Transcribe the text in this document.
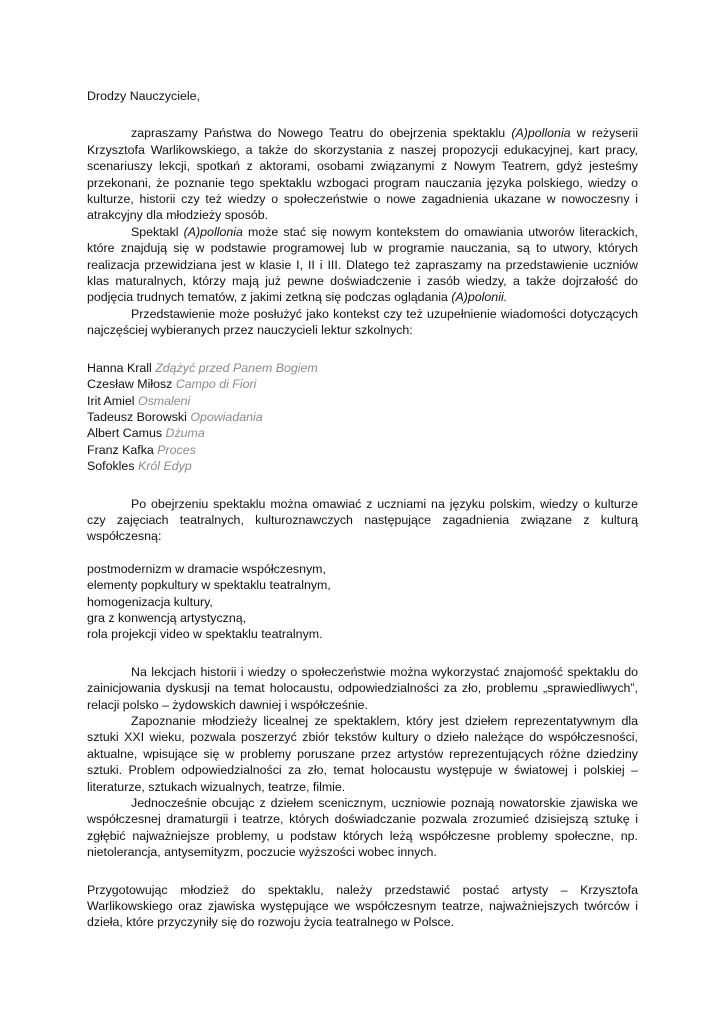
Drodzy Nauczyciele,

zapraszamy Państwa do Nowego Teatru do obejrzenia spektaklu (A)pollonia w reżyserii Krzysztofa Warlikowskiego, a także do skorzystania z naszej propozycji edukacyjnej, kart pracy, scenariuszy lekcji, spotkań z aktorami, osobami związanymi z Nowym Teatrem, gdyż jesteśmy przekonani, że poznanie tego spektaklu wzbogaci program nauczania języka polskiego, wiedzy o kulturze, historii czy też wiedzy o społeczeństwie o nowe zagadnienia ukazane w nowoczesny i atrakcyjny dla młodzieży sposób.

Spektakl (A)pollonia może stać się nowym kontekstem do omawiania utworów literackich, które znajdują się w podstawie programowej lub w programie nauczania, są to utwory, których realizacja przewidziana jest w klasie I, II i III. Dlatego też zapraszamy na przedstawienie uczniów klas maturalnych, którzy mają już pewne doświadczenie i zasób wiedzy, a także dojrzałość do podjęcia trudnych tematów, z jakimi zetkną się podczas oglądania (A)polonii.

Przedstawienie może posłużyć jako kontekst czy też uzupełnienie wiadomości dotyczących najczęściej wybieranych przez nauczycieli lektur szkolnych:

Hanna Krall Zdążyć przed Panem Bogiem
Czesław Miłosz Campo di Fiori
Irit Amiel Osmaleni
Tadeusz Borowski Opowiadania
Albert Camus Dżuma
Franz Kafka Proces
Sofokles Król Edyp

Po obejrzeniu spektaklu można omawiać z uczniami na języku polskim, wiedzy o kulturze czy zajęciach teatralnych, kulturoznawczych następujące zagadnienia związane z kulturą współczesną:

postmodernizm w dramacie współczesnym,
elementy popkultury w spektaklu teatralnym,
homogenizacja kultury,
gra z konwencją artystyczną,
rola projekcji video w spektaklu teatralnym.

Na lekcjach historii i wiedzy o społeczeństwie można wykorzystać znajomość spektaklu do zainicjowania dyskusji na temat holocaustu, odpowiedzialności za zło, problemu „sprawiedliwych”, relacji polsko – żydowskich dawniej i współcześnie.

Zapoznanie młodzieży licealnej ze spektaklem, który jest dziełem reprezentatywnym dla sztuki XXI wieku, pozwala poszerzyć zbiór tekstów kultury o dzieło należące do współczesności, aktualne, wpisujące się w problemy poruszane przez artystów reprezentujących różne dziedziny sztuki. Problem odpowiedzialności za zło, temat holocaustu występuje w światowej i polskiej – literaturze, sztukach wizualnych, teatrze, filmie.

Jednocześnie obcując z dziełem scenicznym, uczniowie poznają nowatorskie zjawiska we współczesnej dramaturgii i teatrze, których doświadczanie pozwala zrozumieć dzisiejszą sztukę i zgłębić najważniejsze problemy, u podstaw których leżą współczesne problemy społeczne, np. nietolerancja, antysemityzm, poczucie wyższości wobec innych.

Przygotowując młodzież do spektaklu, należy przedstawić postać artysty – Krzysztofa Warlikowskiego oraz zjawiska występujące we współczesnym teatrze, najważniejszych twórców i dzieła, które przyczyniły się do rozwoju życia teatralnego w Polsce.
